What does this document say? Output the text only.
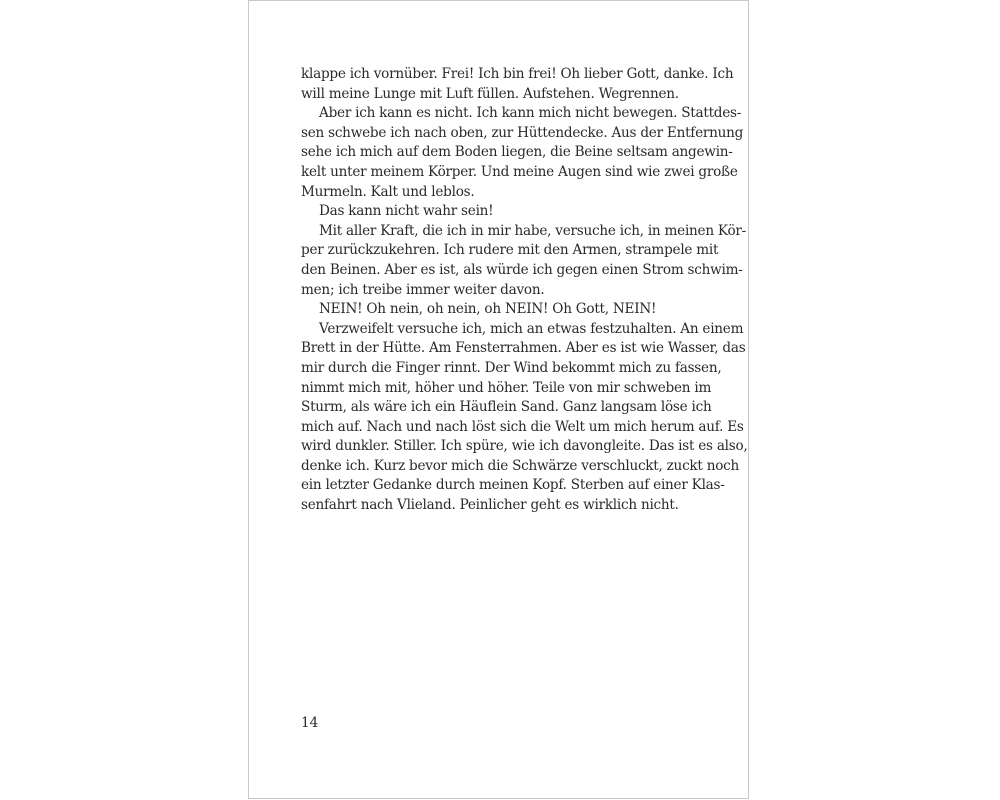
klappe ich vornüber. Frei! Ich bin frei! Oh lieber Gott, danke. Ich
will meine Lunge mit Luft füllen. Aufstehen. Wegrennen.
Aber ich kann es nicht. Ich kann mich nicht bewegen. Stattdes-
sen schwebe ich nach oben, zur Hüttendecke. Aus der Entfernung
sehe ich mich auf dem Boden liegen, die Beine seltsam angewin-
kelt unter meinem Körper. Und meine Augen sind wie zwei große
Murmeln. Kalt und leblos.
Das kann nicht wahr sein!
Mit aller Kraft, die ich in mir habe, versuche ich, in meinen Kör-
per zurückzukehren. Ich rudere mit den Armen, strampele mit
den Beinen. Aber es ist, als würde ich gegen einen Strom schwim-
men; ich treibe immer weiter davon.
NEIN! Oh nein, oh nein, oh NEIN! Oh Gott, NEIN!
Verzweifelt versuche ich, mich an etwas festzuhalten. An einem
Brett in der Hütte. Am Fensterrahmen. Aber es ist wie Wasser, das
mir durch die Finger rinnt. Der Wind bekommt mich zu fassen,
nimmt mich mit, höher und höher. Teile von mir schweben im
Sturm, als wäre ich ein Häuflein Sand. Ganz langsam löse ich
mich auf. Nach und nach löst sich die Welt um mich herum auf. Es
wird dunkler. Stiller. Ich spüre, wie ich davongleite. Das ist es also,
denke ich. Kurz bevor mich die Schwärze verschluckt, zuckt noch
ein letzter Gedanke durch meinen Kopf. Sterben auf einer Klas-
senfahrt nach Vlieland. Peinlicher geht es wirklich nicht.
14
